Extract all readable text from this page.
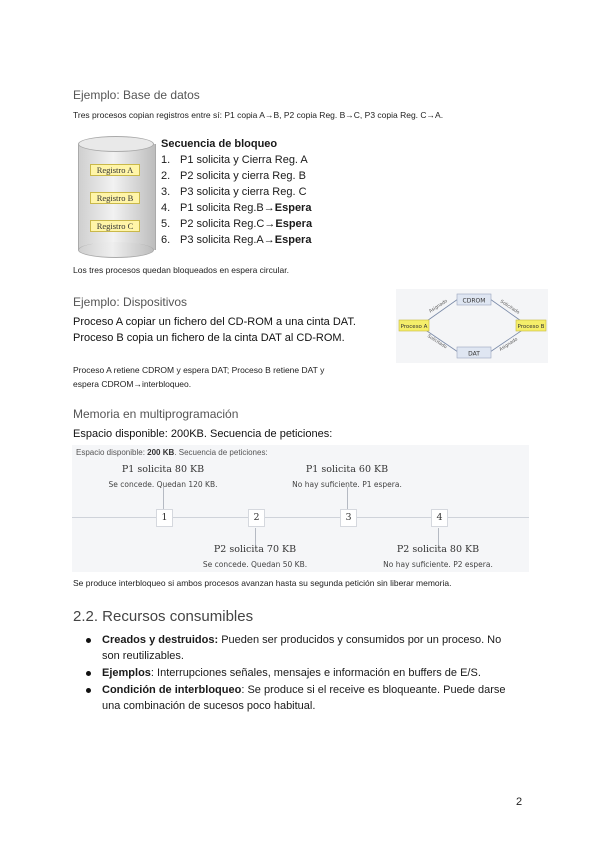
Ejemplo: Base de datos
Tres procesos copian registros entre sí: P1 copia A→B, P2 copia Reg. B→C, P3 copia Reg. C→A.
Registro A
Registro B
Registro C
Secuencia de bloqueo
1. P1 solicita y Cierra Reg. A
2. P2 solicita y cierra Reg. B
3. P3 solicita y cierra Reg. C
4. P1 solicita Reg.B→Espera
5. P2 solicita Reg.C→Espera
6. P3 solicita Reg.A→Espera
Los tres procesos quedan bloqueados en espera circular.
Ejemplo: Dispositivos
Proceso A copiar un fichero del CD-ROM a una cinta DAT.
Proceso B copia un fichero de la cinta DAT al CD-ROM.
Proceso A retiene CDROM y espera DAT; Proceso B retiene DAT y
espera CDROM→interbloqueo.
CDROM
DAT
Proceso A	Proceso B
Asignado	Solicitado
Solicitado	Asignado
Memoria en multiprogramación
Espacio disponible: 200KB. Secuencia de peticiones:
Espacio disponible: 200 KB. Secuencia de peticiones:
1	2	3	4
P1 solicita 80 KB
Se concede. Quedan 120 KB.
P1 solicita 60 KB
No hay suficiente. P1 espera.
P2 solicita 70 KB
Se concede. Quedan 50 KB.
P2 solicita 80 KB
No hay suficiente. P2 espera.
Se produce interbloqueo si ambos procesos avanzan hasta su segunda petición sin liberar memoria.
2.2. Recursos consumibles
Creados y destruidos: Pueden ser producidos y consumidos por un proceso. No
son reutilizables.
Ejemplos: Interrupciones señales, mensajes e información en buffers de E/S.
Condición de interbloqueo: Se produce si el receive es bloqueante. Puede darse
una combinación de sucesos poco habitual.
2
